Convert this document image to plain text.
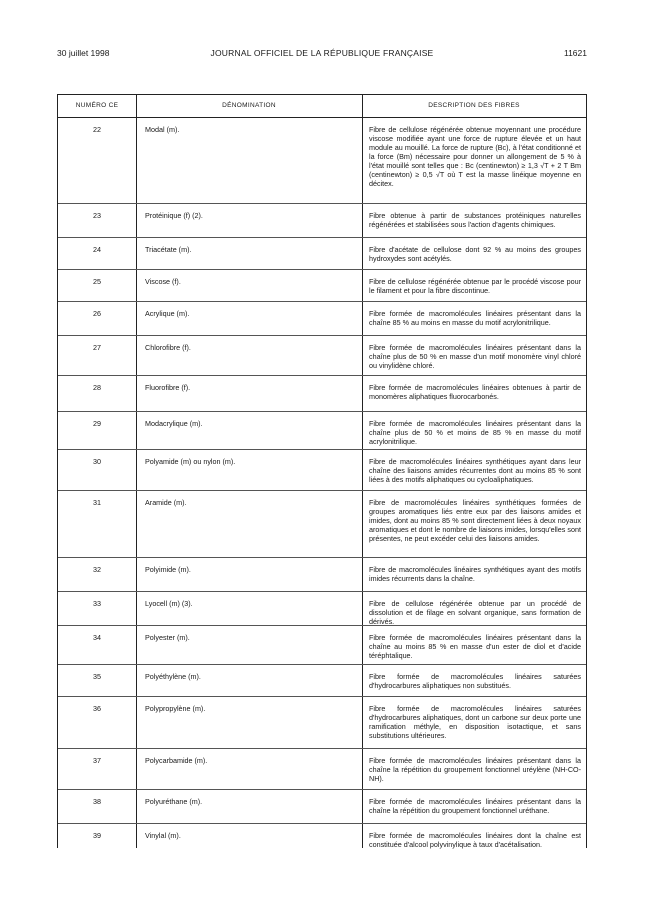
30 juillet 1998	JOURNAL OFFICIEL DE LA RÉPUBLIQUE FRANÇAISE	11621
NUMÉRO CE	DÉNOMINATION	DESCRIPTION DES FIBRES
22	Modal (m).	Fibre de cellulose régénérée obtenue moyennant une procédure viscose modifiée ayant une force de rupture élevée et un haut module au mouillé. La force de rupture (Bc), à l'état conditionné et la force (Bm) nécessaire pour donner un allongement de 5 % à l'état mouillé sont telles que : Bc (centinewton) ≥ 1,3 √T + 2 T Bm (centinewton) ≥ 0,5 √T où T est la masse linéique moyenne en décitex.
23	Protéinique (f) (2).	Fibre obtenue à partir de substances protéiniques naturelles régénérées et stabilisées sous l'action d'agents chimiques.
24	Triacétate (m).	Fibre d'acétate de cellulose dont 92 % au moins des groupes hydroxydes sont acétylés.
25	Viscose (f).	Fibre de cellulose régénérée obtenue par le procédé viscose pour le filament et pour la fibre discontinue.
26	Acrylique (m).	Fibre formée de macromolécules linéaires présentant dans la chaîne 85 % au moins en masse du motif acrylonitrilique.
27	Chlorofibre (f).	Fibre formée de macromolécules linéaires présentant dans la chaîne plus de 50 % en masse d'un motif monomère vinyl chloré ou vinylidène chloré.
28	Fluorofibre (f).	Fibre formée de macromolécules linéaires obtenues à partir de monomères aliphatiques fluorocarbonés.
29	Modacrylique (m).	Fibre formée de macromolécules linéaires présentant dans la chaîne plus de 50 % et moins de 85 % en masse du motif acrylonitrilique.
30	Polyamide (m) ou nylon (m).	Fibre de macromolécules linéaires synthétiques ayant dans leur chaîne des liaisons amides récurrentes dont au moins 85 % sont liées à des motifs aliphatiques ou cycloaliphatiques.
31	Aramide (m).	Fibre de macromolécules linéaires synthétiques formées de groupes aromatiques liés entre eux par des liaisons amides et imides, dont au moins 85 % sont directement liées à deux noyaux aromatiques et dont le nombre de liaisons imides, lorsqu'elles sont présentes, ne peut excéder celui des liaisons amides.
32	Polyimide (m).	Fibre de macromolécules linéaires synthétiques ayant des motifs imides récurrents dans la chaîne.
33	Lyocell (m) (3).	Fibre de cellulose régénérée obtenue par un procédé de dissolution et de filage en solvant organique, sans formation de dérivés.
34	Polyester (m).	Fibre formée de macromolécules linéaires présentant dans la chaîne au moins 85 % en masse d'un ester de diol et d'acide téréphtalique.
35	Polyéthylène (m).	Fibre formée de macromolécules linéaires saturées d'hydrocarbures aliphatiques non substitués.
36	Polypropylène (m).	Fibre formée de macromolécules linéaires saturées d'hydrocarbures aliphatiques, dont un carbone sur deux porte une ramification méthyle, en disposition isotactique, et sans substitutions ultérieures.
37	Polycarbamide (m).	Fibre formée de macromolécules linéaires présentant dans la chaîne la répétition du groupement fonctionnel uréylène (NH-CO-NH).
38	Polyuréthane (m).	Fibre formée de macromolécules linéaires présentant dans la chaîne la répétition du groupement fonctionnel uréthane.
39	Vinylal (m).	Fibre formée de macromolécules linéaires dont la chaîne est constituée d'alcool polyvinylique à taux d'acétalisation.
